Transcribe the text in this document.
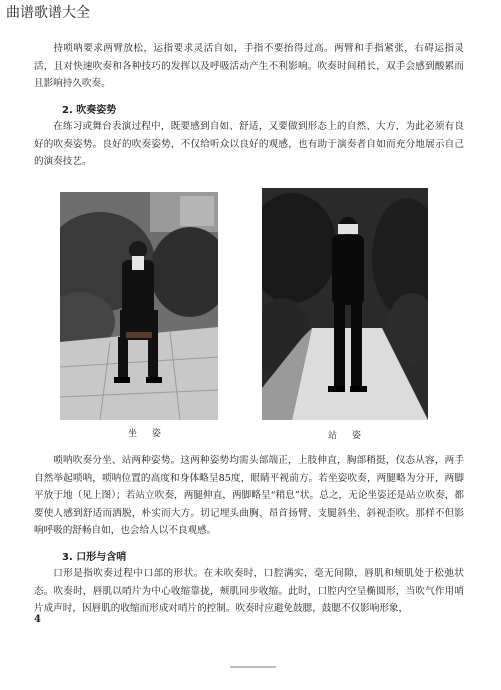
曲谱歌谱大全

持唢呐要求两臂放松，运指要求灵活自如，手指不要抬得过高。两臂和手指紧张，右碍运指灵活，且对快速吹奏和各种技巧的发挥以及呼吸活动产生不利影响。吹奏时间稍长，双手会感到酸累而且影响持久吹奏。

2. 吹奏姿势

在练习或舞台表演过程中，既要感到自如、舒适，又要做到形态上的自然、大方，为此必须有良好的吹奏姿势。良好的吹奏姿势，不仅给听众以良好的观感，也有助于演奏者自如而充分地展示自己的演奏技艺。

坐 姿	站 姿

唢呐吹奏分坐、站两种姿势。这两种姿势均需头部端正，上肢伸直，胸部稍挺，仪态从容，两手自然举起唢呐，唢呐位置的高度和身体略呈85度，眼睛平视前方。若坐姿吹奏，两腿略为分开，两脚平放于地（见上图）；若站立吹奏，两腿伸直，两脚略呈“稍息”状。总之，无论坐姿还是站立吹奏，都要使人感到舒适而洒脱，朴实而大方。切记埋头曲胸、昂首扬臂、支腿斜坐、斜视歪吹。那样不但影响呼吸的舒畅自如，也会给人以不良观感。

3. 口形与含哨

口形是指吹奏过程中口部的形状。在未吹奏时，口腔满实，毫无间隙，唇肌和颊肌处于松弛状态。吹奏时，唇肌以哨片为中心收缩靠拢，颊肌同步收缩。此时，口腔内空呈椭圆形，当吹气作用哨片成声时，因唇肌的收缩而形成对哨片的控制。吹奏时应避免鼓腮，鼓腮不仅影响形象，

4
